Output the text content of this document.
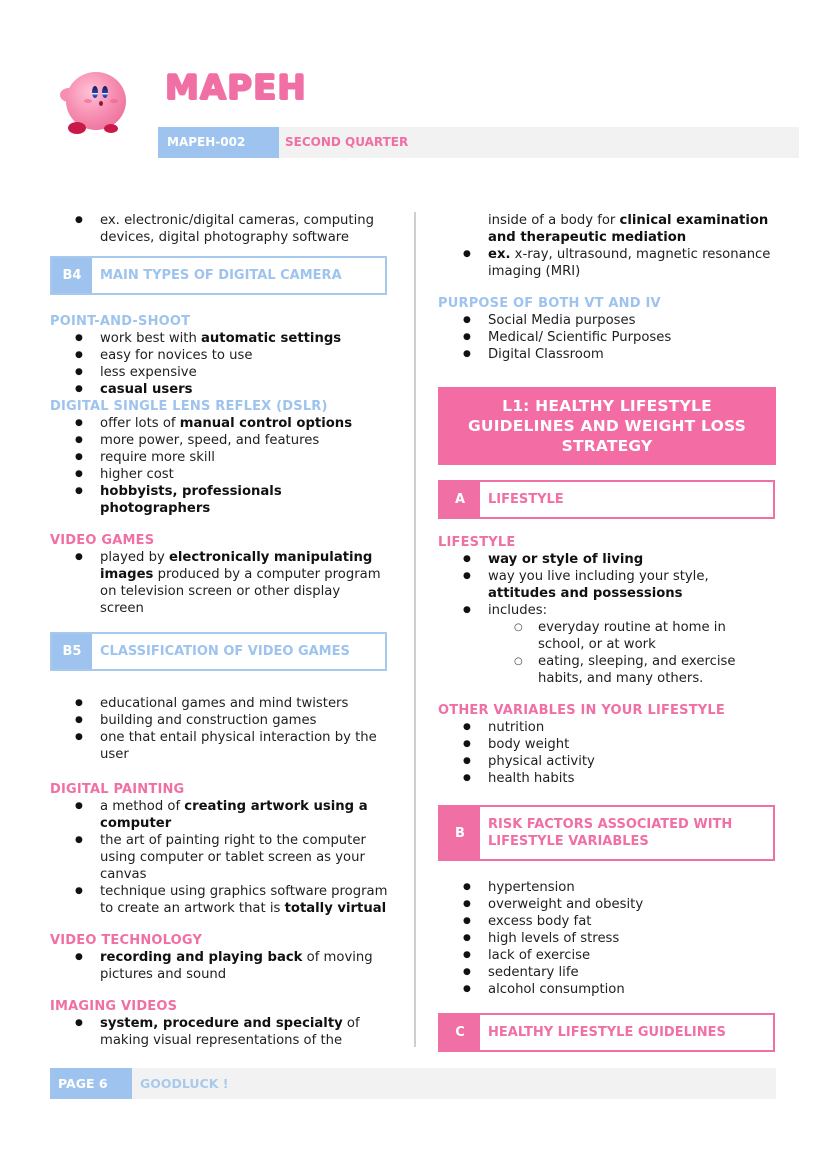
MAPEH
MAPEH-002	SECOND QUARTER
● ex. electronic/digital cameras, computing devices, digital photography software
B4	MAIN TYPES OF DIGITAL CAMERA
POINT-AND-SHOOT
● work best with automatic settings
● easy for novices to use
● less expensive
● casual users
DIGITAL SINGLE LENS REFLEX (DSLR)
● offer lots of manual control options
● more power, speed, and features
● require more skill
● higher cost
● hobbyists, professionals photographers
VIDEO GAMES
● played by electronically manipulating images produced by a computer program on television screen or other display screen
B5	CLASSIFICATION OF VIDEO GAMES
● educational games and mind twisters
● building and construction games
● one that entail physical interaction by the user
DIGITAL PAINTING
● a method of creating artwork using a computer
● the art of painting right to the computer using computer or tablet screen as your canvas
● technique using graphics software program to create an artwork that is totally virtual
VIDEO TECHNOLOGY
● recording and playing back of moving pictures and sound
IMAGING VIDEOS
● system, procedure and specialty of making visual representations of the
inside of a body for clinical examination and therapeutic mediation
● ex. x-ray, ultrasound, magnetic resonance imaging (MRI)
PURPOSE OF BOTH VT AND IV
● Social Media purposes
● Medical/ Scientific Purposes
● Digital Classroom
L1: HEALTHY LIFESTYLE GUIDELINES AND WEIGHT LOSS STRATEGY
A	LIFESTYLE
LIFESTYLE
● way or style of living
● way you live including your style, attitudes and possessions
● includes:
○ everyday routine at home in school, or at work
○ eating, sleeping, and exercise habits, and many others.
OTHER VARIABLES IN YOUR LIFESTYLE
● nutrition
● body weight
● physical activity
● health habits
B
RISK FACTORS ASSOCIATED WITH LIFESTYLE VARIABLES
● hypertension
● overweight and obesity
● excess body fat
● high levels of stress
● lack of exercise
● sedentary life
● alcohol consumption
C	HEALTHY LIFESTYLE GUIDELINES
PAGE 6	GOODLUCK !
